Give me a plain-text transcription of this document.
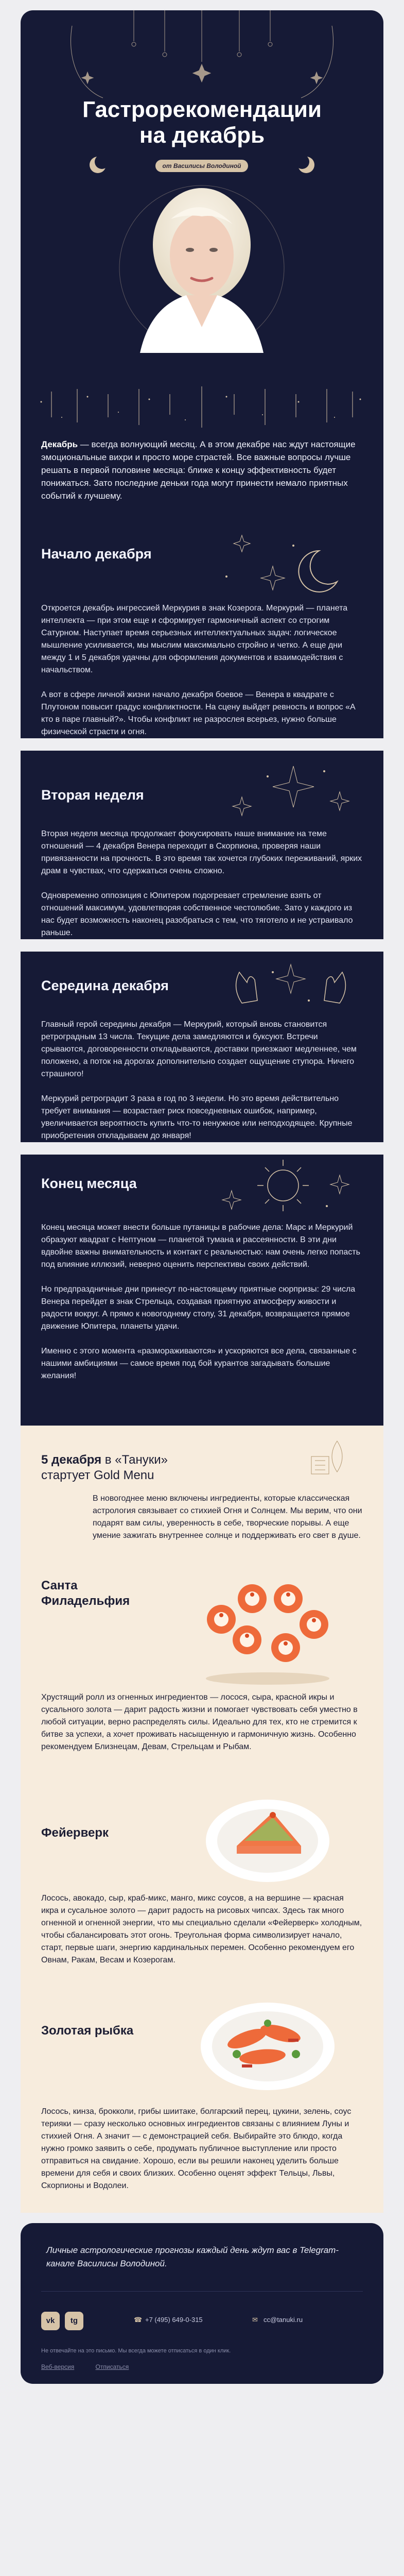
Гастрорекомендации
на декабрь
от Василисы Володиной
Декабрь — всегда волнующий месяц. А в этом декабре нас ждут настоящие эмоциональные вихри и просто море страстей. Все важные вопросы лучше решать в первой половине месяца: ближе к концу эффективность будет понижаться. Зато последние деньки года могут принести немало приятных событий к лучшему.
Начало декабря

Откроется декабрь ингрессией Меркурия в знак Козерога. Меркурий — планета интеллекта — при этом еще и сформирует гармоничный аспект со строгим Сатурном. Наступает время серьезных интеллектуальных задач: логическое мышление усиливается, мы мыслим максимально стройно и четко. А еще дни между 1 и 5 декабря удачны для оформления документов и взаимодействия с начальством.

А вот в сфере личной жизни начало декабря боевое — Венера в квадрате с Плутоном повысит градус конфликтности. На сцену выйдет ревность и вопрос «А кто в паре главный?». Чтобы конфликт не разрослея всерьез, нужно больше физической страсти и огня.

Вторая неделя

Вторая неделя месяца продолжает фокусировать наше внимание на теме отношений — 4 декабря Венера переходит в Скорпиона, проверяя наши привязанности на прочность. В это время так хочется глубоких переживаний, ярких драм в чувствах, что сдержаться очень сложно.

Одновременно оппозиция с Юпитером подогревает стремление взять от отношений максимум, удовлетворяя собственное честолюбие. Зато у каждого из нас будет возможность наконец разобраться с тем, что тяготело и не устраивало раньше.

Середина декабря

Главный герой середины декабря — Меркурий, который вновь становится ретроградным 13 числа. Текущие дела замедляются и буксуют. Встречи срываются, договоренности откладываются, доставки приезжают медленнее, чем положено, а поток на дорогах дополнительно создает ощущение ступора. Ничего страшного!

Меркурий ретроградит 3 раза в год по 3 недели. Но это время действительно требует внимания — возрастает риск повседневных ошибок, например, увеличивается вероятность купить что-то ненужное или неподходящее. Крупные приобретения откладываем до января!

Конец месяца

Конец месяца может внести больше путаницы в рабочие дела: Марс и Меркурий образуют квадрат с Нептуном — планетой тумана и рассеянности. В эти дни вдвойне важны внимательность и контакт с реальностью: нам очень легко попасть под влияние иллюзий, неверно оценить перспективы своих действий.

Но предпраздничные дни принесут по-настоящему приятные сюрпризы: 29 числа Венера перейдет в знак Стрельца, создавая приятную атмосферу живости и радости вокруг. А прямо к новогоднему столу, 31 декабря, возвращается прямое движение Юпитера, планеты удачи.

Именно с этого момента «размораживаются» и ускоряются все дела, связанные с нашими амбициями — самое время под бой курантов загадывать большие желания!

5 декабря в «Тануки»
стартует Gold Menu

В новогоднее меню включены ингредиенты, которые классическая астрология связывает со стихией Огня и Солнцем. Мы верим, что они подарят вам силы, уверенность в себе, творческие порывы. А еще умение зажигать внутреннее солнце и поддерживать его свет в душе.

Санта
Филадельфия

Хрустящий ролл из огненных ингредиентов — лосося, сыра, красной икры и сусального золота — дарит радость жизни и помогает чувствовать себя уместно в любой ситуации, верно распределять силы. Идеально для тех, кто не стремится к битве за успехи, а хочет проживать насыщенную и гармоничную жизнь. Особенно рекомендуем Близнецам, Девам, Стрельцам и Рыбам.

Фейерверк

Лосось, авокадо, сыр, краб-микс, манго, микс соусов, а на вершине — красная икра и сусальное золото — дарит радость на рисовых чипсах. Здесь так много огненной и огненной энергии, что мы специально сделали «Фейерверк» холодным, чтобы сбалансировать этот огонь. Треугольная форма символизирует начало, старт, первые шаги, энергию кардинальных перемен. Особенно рекомендуем его Овнам, Ракам, Весам и Козерогам.

Золотая рыбка

Лосось, кинза, брокколи, грибы шиитаке, болгарский перец, цукини, зелень, соус терияки — сразу несколько основных ингредиентов связаны с влиянием Луны и стихией Огня. А значит — с демонстрацией себя. Выбирайте это блюдо, когда нужно громко заявить о себе, продумать публичное выступление или просто отправиться на свидание. Хорошо, если вы решили наконец уделить больше времени для себя и своих близких. Особенно оценят эффект Тельцы, Львы, Скорпионы и Водолеи.

Личные астрологические прогнозы каждый день ждут вас в Telegram-канале Василисы Володиной.
vk	tg	☎ +7 (495) 649-0-315	✉ cc@tanuki.ru
Не отвечайте на это письмо. Мы всегда можете отписаться в один клик.
Веб-версия	Отписаться
